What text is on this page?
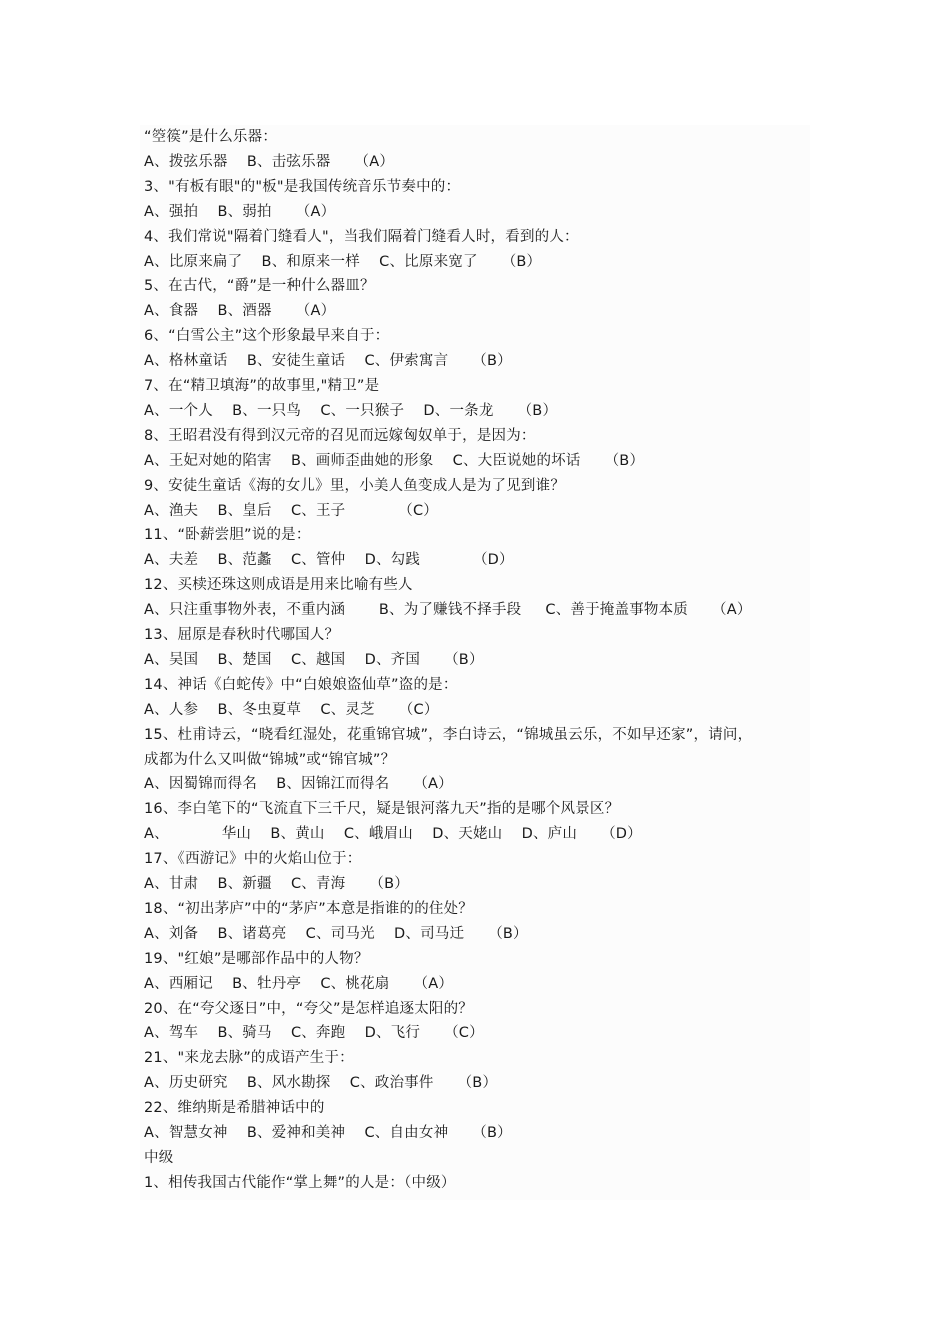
“箜篌”是什么乐器：
A、拨弦乐器    B、击弦乐器     （A）
3、"有板有眼"的"板"是我国传统音乐节奏中的：
A、强拍    B、弱拍     （A）
4、我们常说"隔着门缝看人"，当我们隔着门缝看人时，看到的人：
A、比原来扁了    B、和原来一样    C、比原来宽了     （B）
5、在古代，“爵”是一种什么器皿？
A、食器    B、酒器     （A）
6、“白雪公主”这个形象最早来自于：
A、格林童话    B、安徒生童话    C、伊索寓言     （B）
7、在“精卫填海”的故事里,"精卫”是
A、一个人    B、一只鸟    C、一只猴子    D、一条龙     （B）
8、王昭君没有得到汉元帝的召见而远嫁匈奴单于，是因为：
A、王妃对她的陷害    B、画师歪曲她的形象    C、大臣说她的坏话     （B）
9、安徒生童话《海的女儿》里，小美人鱼变成人是为了见到谁？
A、渔夫    B、皇后    C、王子           （C）
11、“卧薪尝胆”说的是：
A、夫差    B、范蠡    C、管仲    D、勾践           （D）
12、买椟还珠这则成语是用来比喻有些人
A、只注重事物外表，不重内涵       B、为了赚钱不择手段     C、善于掩盖事物本质     （A）
13、屈原是春秋时代哪国人？
A、吴国    B、楚国    C、越国    D、齐国     （B）
14、神话《白蛇传》中“白娘娘盗仙草”盗的是：
A、人参    B、冬虫夏草    C、灵芝     （C）
15、杜甫诗云，“晓看红湿处，花重锦官城”，李白诗云，“锦城虽云乐，不如早还家”，请问，
成都为什么又叫做“锦城”或“锦官城”？
A、因蜀锦而得名    B、因锦江而得名     （A）
16、李白笔下的“飞流直下三千尺，疑是银河落九天”指的是哪个风景区？
A、           华山    B、黄山    C、峨眉山    D、天姥山    D、庐山     （D）
17、《西游记》中的火焰山位于：
A、甘肃    B、新疆    C、青海     （B）
18、“初出茅庐”中的“茅庐”本意是指谁的的住处？
A、刘备    B、诸葛亮    C、司马光    D、司马迁     （B）
19、"红娘”是哪部作品中的人物？
A、西厢记    B、牡丹亭    C、桃花扇     （A）
20、在“夸父逐日”中，“夸父”是怎样追逐太阳的？
A、驾车    B、骑马    C、奔跑    D、飞行     （C）
21、"来龙去脉”的成语产生于：
A、历史研究    B、风水勘探    C、政治事件     （B）
22、维纳斯是希腊神话中的
A、智慧女神    B、爱神和美神    C、自由女神     （B）
中级
1、相传我国古代能作“掌上舞”的人是：（中级）
